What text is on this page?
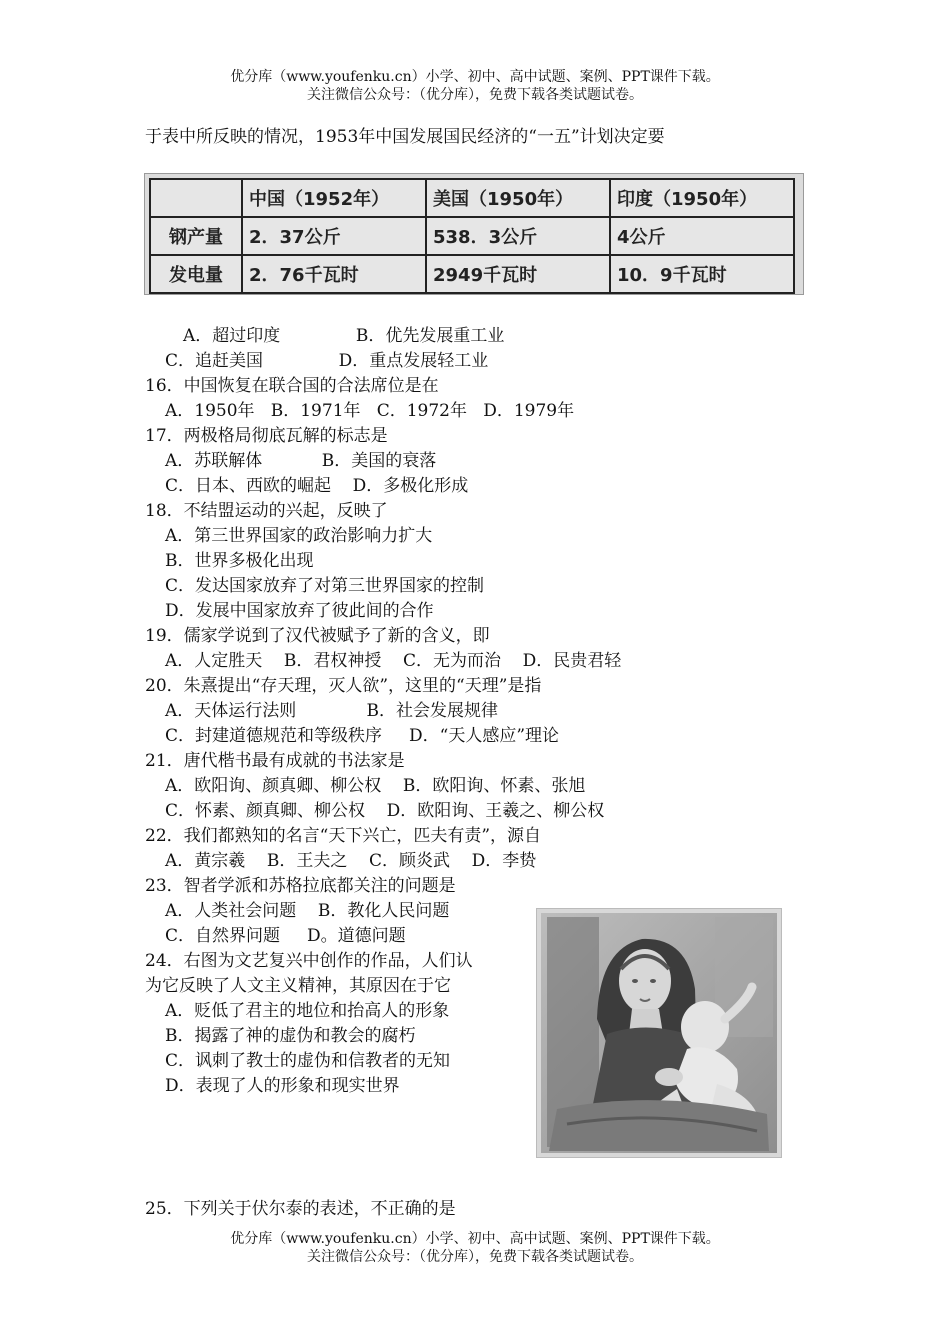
优分库（www.youfenku.cn）小学、初中、高中试题、案例、PPT课件下载。
关注微信公众号：（优分库），免费下载各类试题试卷。
于表中所反映的情况，1953年中国发展国民经济的“一五”计划决定要
	中国（1952年）	美国（1950年）	印度（1950年）
钢产量	2．37公斤	538．3公斤	4公斤
发电量	2．76千瓦时	2949千瓦时	10．9千瓦时
A．超过印度              B．优先发展重工业
C．追赶美国              D．重点发展轻工业
16．中国恢复在联合国的合法席位是在
A．1950年   B．1971年   C．1972年   D．1979年
17．两极格局彻底瓦解的标志是
A．苏联解体           B．美国的衰落
C．日本、西欧的崛起    D．多极化形成
18．不结盟运动的兴起，反映了
A．第三世界国家的政治影响力扩大
B．世界多极化出现
C．发达国家放弃了对第三世界国家的控制
D．发展中国家放弃了彼此间的合作
19．儒家学说到了汉代被赋予了新的含义，即
A．人定胜天    B．君权神授    C．无为而治    D．民贵君轻
20．朱熹提出“存天理，灭人欲”，这里的“天理”是指
A．天体运行法则             B．社会发展规律
C．封建道德规范和等级秩序     D．“天人感应”理论
21．唐代楷书最有成就的书法家是
A．欧阳询、颜真卿、柳公权    B．欧阳询、怀素、张旭
C．怀素、颜真卿、柳公权    D．欧阳询、王羲之、柳公权
22．我们都熟知的名言“天下兴亡，匹夫有责”，源自
A．黄宗羲    B．王夫之    C．顾炎武    D．李贽
23．智者学派和苏格拉底都关注的问题是
A．人类社会问题    B．教化人民问题
C．自然界问题     D。道德问题
24．右图为文艺复兴中创作的作品，人们认
为它反映了人文主义精神，其原因在于它
A．贬低了君主的地位和抬高人的形象
B．揭露了神的虚伪和教会的腐朽
C．讽刺了教士的虚伪和信教者的无知
D．表现了人的形象和现实世界
25．下列关于伏尔泰的表述，不正确的是
优分库（www.youfenku.cn）小学、初中、高中试题、案例、PPT课件下载。
关注微信公众号：（优分库），免费下载各类试题试卷。
